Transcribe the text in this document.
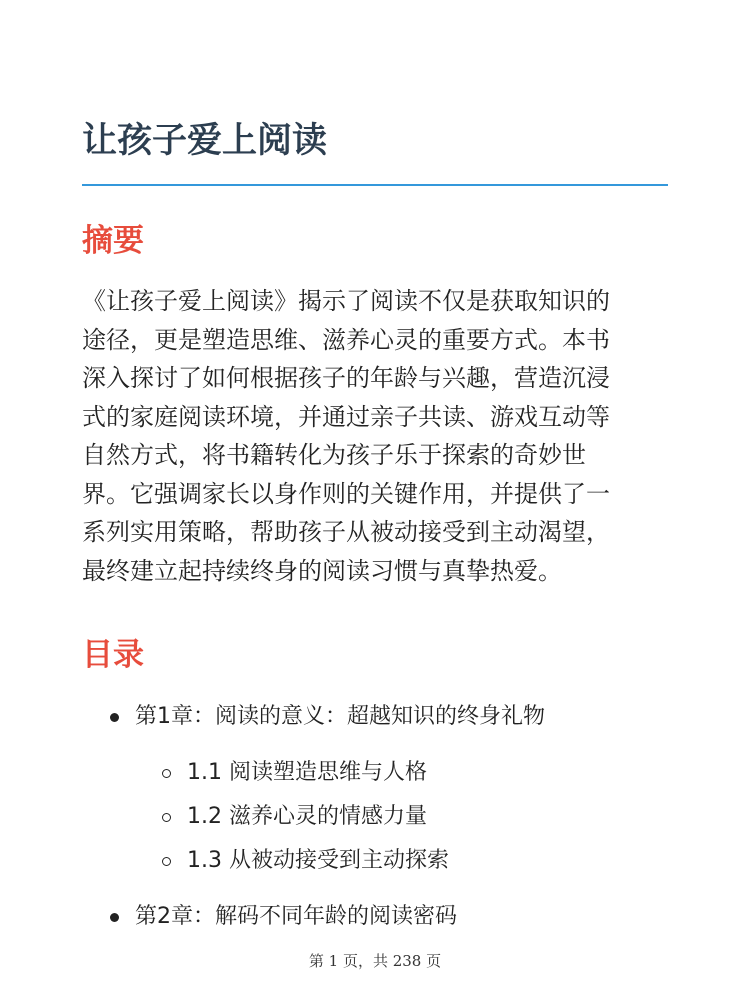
让孩子爱上阅读
摘要
《让孩子爱上阅读》揭示了阅读不仅是获取知识的
途径，更是塑造思维、滋养心灵的重要方式。本书
深入探讨了如何根据孩子的年龄与兴趣，营造沉浸
式的家庭阅读环境，并通过亲子共读、游戏互动等
自然方式，将书籍转化为孩子乐于探索的奇妙世
界。它强调家长以身作则的关键作用，并提供了一
系列实用策略，帮助孩子从被动接受到主动渴望，
最终建立起持续终身的阅读习惯与真挚热爱。
目录
第1章：阅读的意义：超越知识的终身礼物
1.1 阅读塑造思维与人格
1.2 滋养心灵的情感力量
1.3 从被动接受到主动探索
第2章：解码不同年龄的阅读密码
第 1 页，共 238 页
